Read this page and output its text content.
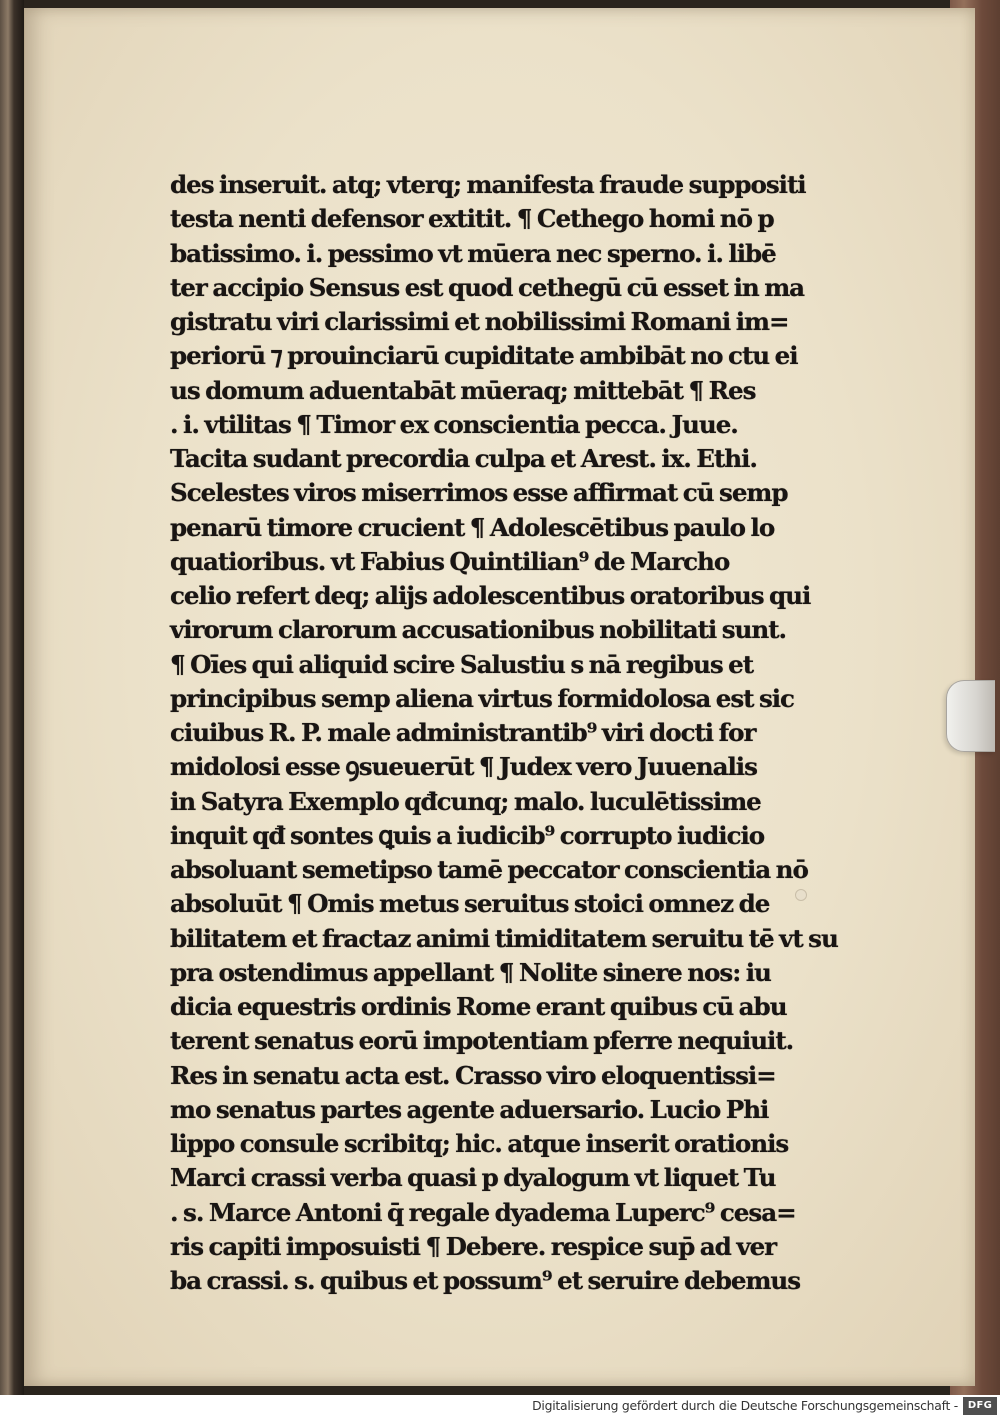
des inseruit. atq; vterq; manifesta fraude suppositi
testa nenti defensor extitit. ¶ Cethego homi nō p
batissimo. i. pessimo vt mūera nec sperno. i. libē
ter accipio Sensus est quod cethegū cū esset in ma
gistratu viri clarissimi et nobilissimi Romani im=
periorū ⁊ prouinciarū cupiditate ambibāt no ctu ei
us domum aduentabāt mūeraq; mittebāt ¶ Res
. i. vtilitas ¶ Timor ex conscientia pecca. Juue.
Tacita sudant precordia culpa et Arest. ix. Ethi.
Scelestes viros miserrimos esse affirmat cū semp
penarū timore crucient ¶ Adolescētibus paulo lo
quatioribus. vt Fabius Quintilian⁹ de Marcho
celio refert deq; alijs adolescentibus oratoribus qui
virorum clarorum accusationibus nobilitati sunt.
¶ Oīes qui aliquid scire Salustiu s nā regibus et
principibus semp aliena virtus formidolosa est sic
ciuibus R. P. male administrantib⁹ viri docti for
midolosi esse ꝯsueuerūt ¶ Judex vero Juuenalis
in Satyra Exemplo qđcunq; malo. luculētissime
inquit qđ sontes ꝗuis a iudicib⁹ corrupto iudicio
absoluant semetipso tamē peccator conscientia nō
absoluūt ¶ Omis metus seruitus stoici omnez de
bilitatem et fractaz animi timiditatem seruitu tē vt su
pra ostendimus appellant ¶ Nolite sinere nos: iu
dicia equestris ordinis Rome erant quibus cū abu
terent senatus eorū impotentiam pferre nequiuit.
Res in senatu acta est. Crasso viro eloquentissi=
mo senatus partes agente aduersario. Lucio Phi
lippo consule scribitq; hic. atque inserit orationis
Marci crassi verba quasi p dyalogum vt liquet Tu
. s. Marce Antoni q̄ regale dyadema Luperc⁹ cesa=
ris capiti imposuisti ¶ Debere. respice sup̄ ad ver
ba crassi. s. quibus et possum⁹ et seruire debemus
Digitalisierung gefördert durch die Deutsche Forschungsgemeinschaft - DFG
